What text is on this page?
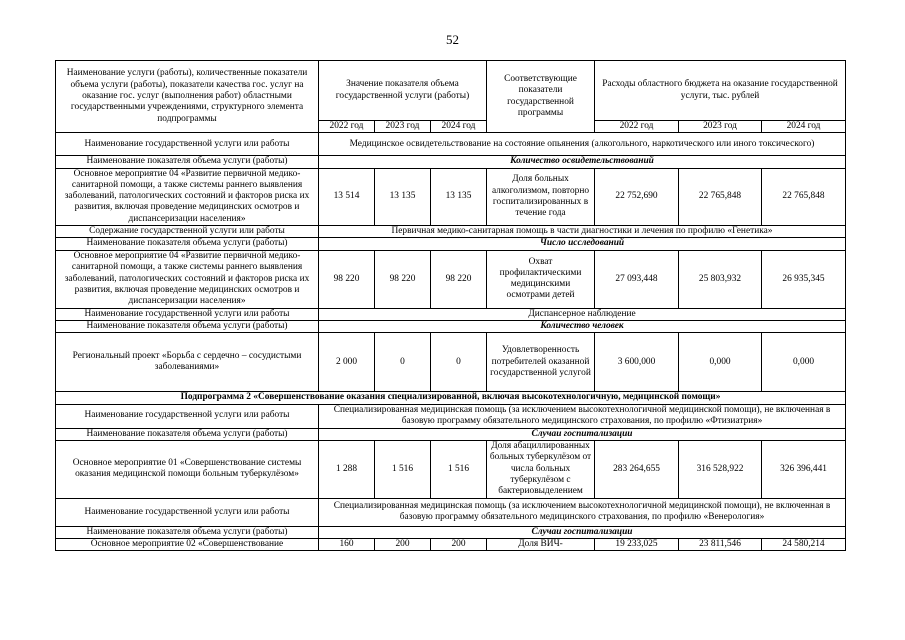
52
Наименование услуги (работы), количественные показатели объема услуги (работы), показатели качества гос. услуг на оказание гос. услуг (выполнения работ) областными государственными учреждениями, структурного элемента подпрограммы	Значение показателя объема государственной услуги (работы)			Соответствующие показатели государственной программы	Расходы областного бюджета на оказание государственной услуги, тыс. рублей		
	2022 год	2023 год	2024 год		2022 год	2023 год	2024 год
Наименование государственной услуги или работы	Медицинское освидетельствование на состояние опьянения (алкогольного, наркотического или иного токсического)						
Наименование показателя объема услуги (работы)	Количество освидетельствований						
Основное мероприятие 04 «Развитие первичной медико-санитарной помощи, а также системы раннего выявления заболеваний, патологических состояний и факторов риска их развития, включая проведение медицинских осмотров и диспансеризации населения»	13 514	13 135	13 135	Доля больных алкоголизмом, повторно госпитализированных в течение года	22 752,690	22 765,848	22 765,848
Содержание государственной услуги или работы	Первичная медико-санитарная помощь в части диагностики и лечения по профилю «Генетика»						
Наименование показателя объема услуги (работы)	Число исследований						
Основное мероприятие 04 «Развитие первичной медико-санитарной помощи, а также системы раннего выявления заболеваний, патологических состояний и факторов риска их развития, включая проведение медицинских осмотров и диспансеризации населения»	98 220	98 220	98 220	Охват профилактическими медицинскими осмотрами детей	27 093,448	25 803,932	26 935,345
Наименование государственной услуги или работы	Диспансерное наблюдение						
Наименование показателя объема услуги (работы)	Количество человек						
Региональный проект «Борьба с сердечно – сосудистыми заболеваниями»	2 000	0	0	Удовлетворенность потребителей оказанной государственной услугой	3 600,000	0,000	0,000
Подпрограмма 2 «Совершенствование оказания специализированной, включая высокотехнологичную, медицинской помощи»							
Наименование государственной услуги или работы	Специализированная медицинская помощь (за исключением высокотехнологичной медицинской помощи), не включенная в базовую программу обязательного медицинского страхования, по профилю «Фтизиатрия»						
Наименование показателя объема услуги (работы)	Случаи госпитализации						
Основное мероприятие 01 «Совершенствование системы оказания медицинской помощи больным туберкулёзом»	1 288	1 516	1 516	Доля абациллированных больных туберкулёзом от числа больных туберкулёзом с бактериовыделением	283 264,655	316 528,922	326 396,441
Наименование государственной услуги или работы	Специализированная медицинская помощь (за исключением высокотехнологичной медицинской помощи), не включенная в базовую программу обязательного медицинского страхования, по профилю «Венерология»						
Наименование показателя объема услуги (работы)	Случаи госпитализации						
Основное мероприятие 02 «Совершенствование	160	200	200	Доля ВИЧ-	19 233,025	23 811,546	24 580,214
